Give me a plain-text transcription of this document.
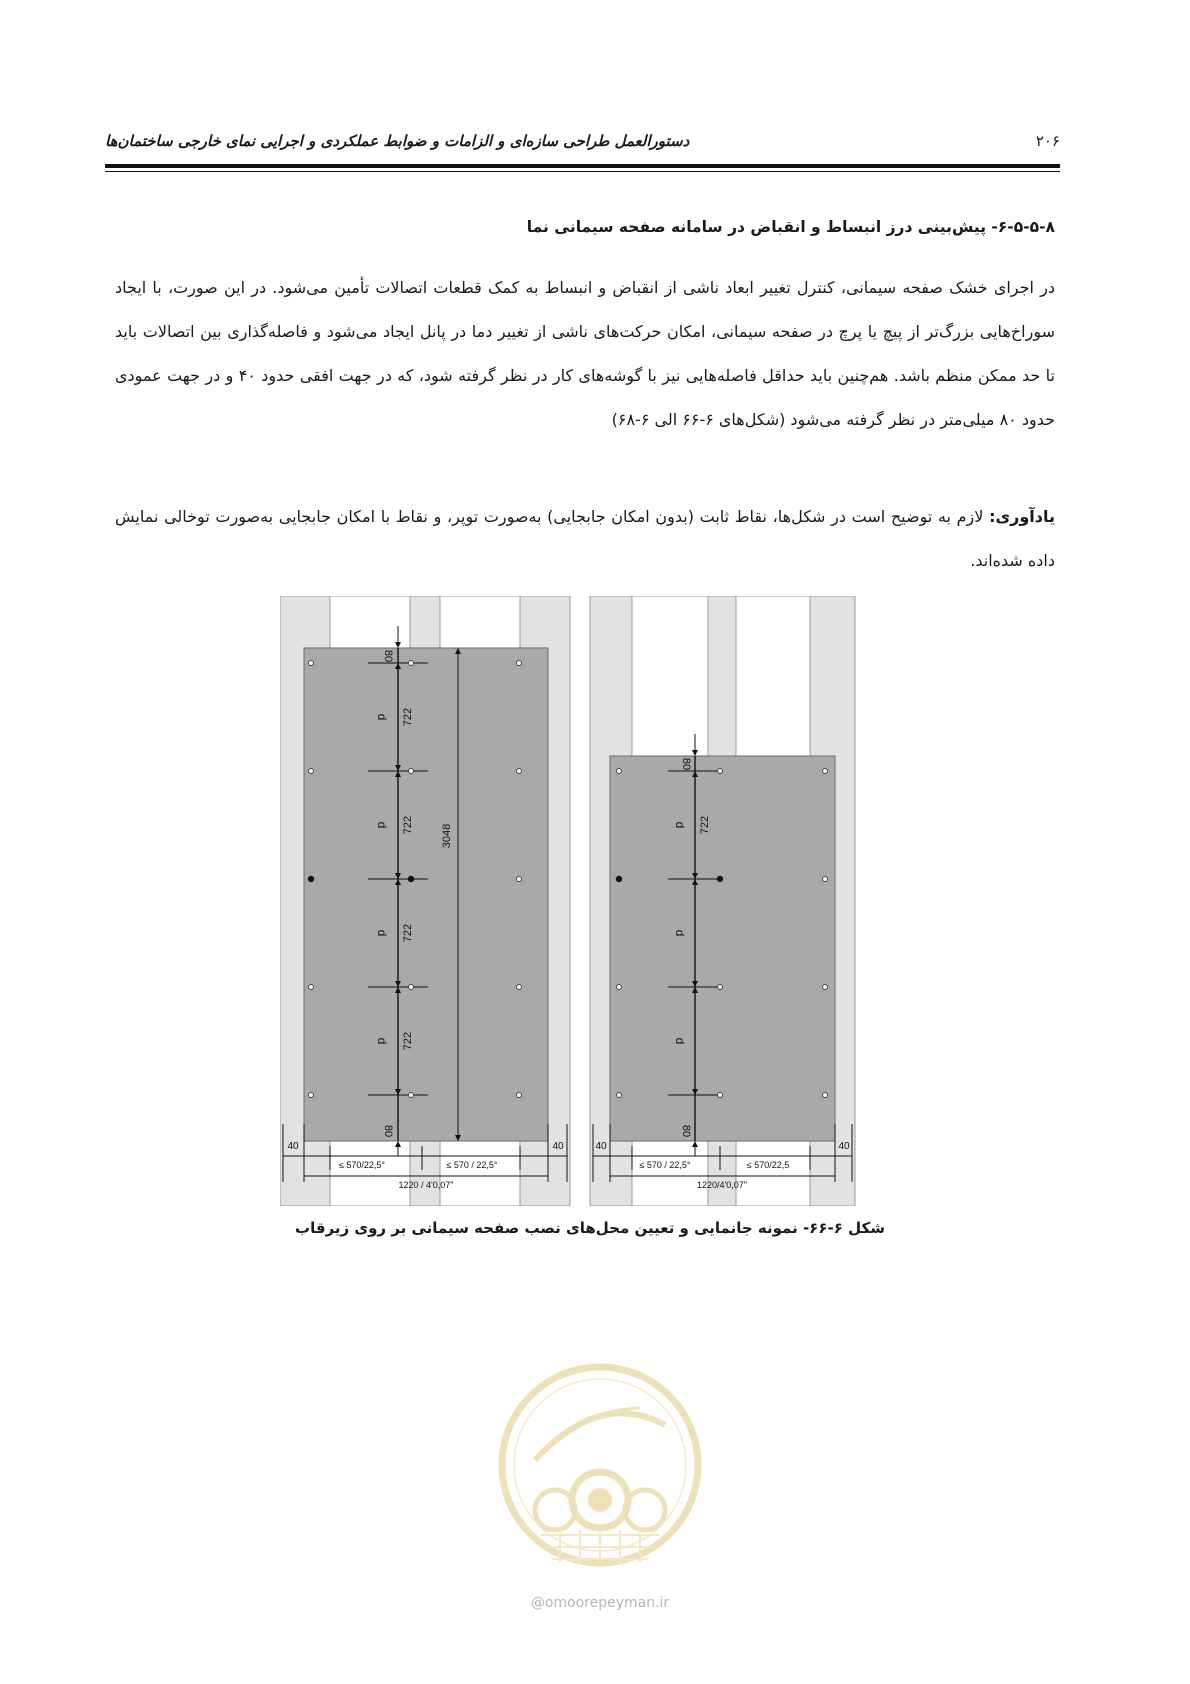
۲۰۶
دستورالعمل طراحی سازه‌ای و الزامات و ضوابط عملکردی و اجرایی نمای خارجی ساختمان‌ها
۶-۵-۵-۸- پیش‌بینی درز انبساط و انقباض در سامانه صفحه سیمانی نما

در اجرای خشک صفحه سیمانی، کنترل تغییر ابعاد ناشی از انقباض و انبساط به کمک قطعات اتصالات تأمین می‌شود. در این صورت، با ایجاد سوراخ‌هایی بزرگ‌تر از پیچ یا پرچ در صفحه سیمانی، امکان حرکت‌های ناشی از تغییر دما در پانل ایجاد می‌شود و فاصله‌گذاری بین اتصالات باید تا حد ممکن منظم باشد. هم‌چنین باید حداقل فاصله‌هایی نیز با گوشه‌های کار در نظر گرفته شود، که در جهت افقی حدود ۴۰ و در جهت عمودی حدود ۸۰ میلی‌متر در نظر گرفته می‌شود (شکل‌های ۶-۶۶ الی ۶-۶۸)

یادآوری: لازم به توضیح است در شکل‌ها، نقاط ثابت (بدون امکان جابجایی) به‌صورت توپر، و نقاط با امکان جابجایی به‌صورت توخالی نمایش داده شده‌اند.

80
80
722
722
722
722
d
d
d
d
3048
40	40
≤ 570/22,5°	≤ 570 / 22,5°
1220 / 4'0,07"
80
80
722
d
d
d
40	40
≤ 570 / 22,5°	≤ 570/22,5
1220/4'0,07"
شکل ۶-۶۶- نمونه جانمایی و تعیین محل‌های نصب صفحه سیمانی بر روی زیرقاب
@omoorepeyman.ir
